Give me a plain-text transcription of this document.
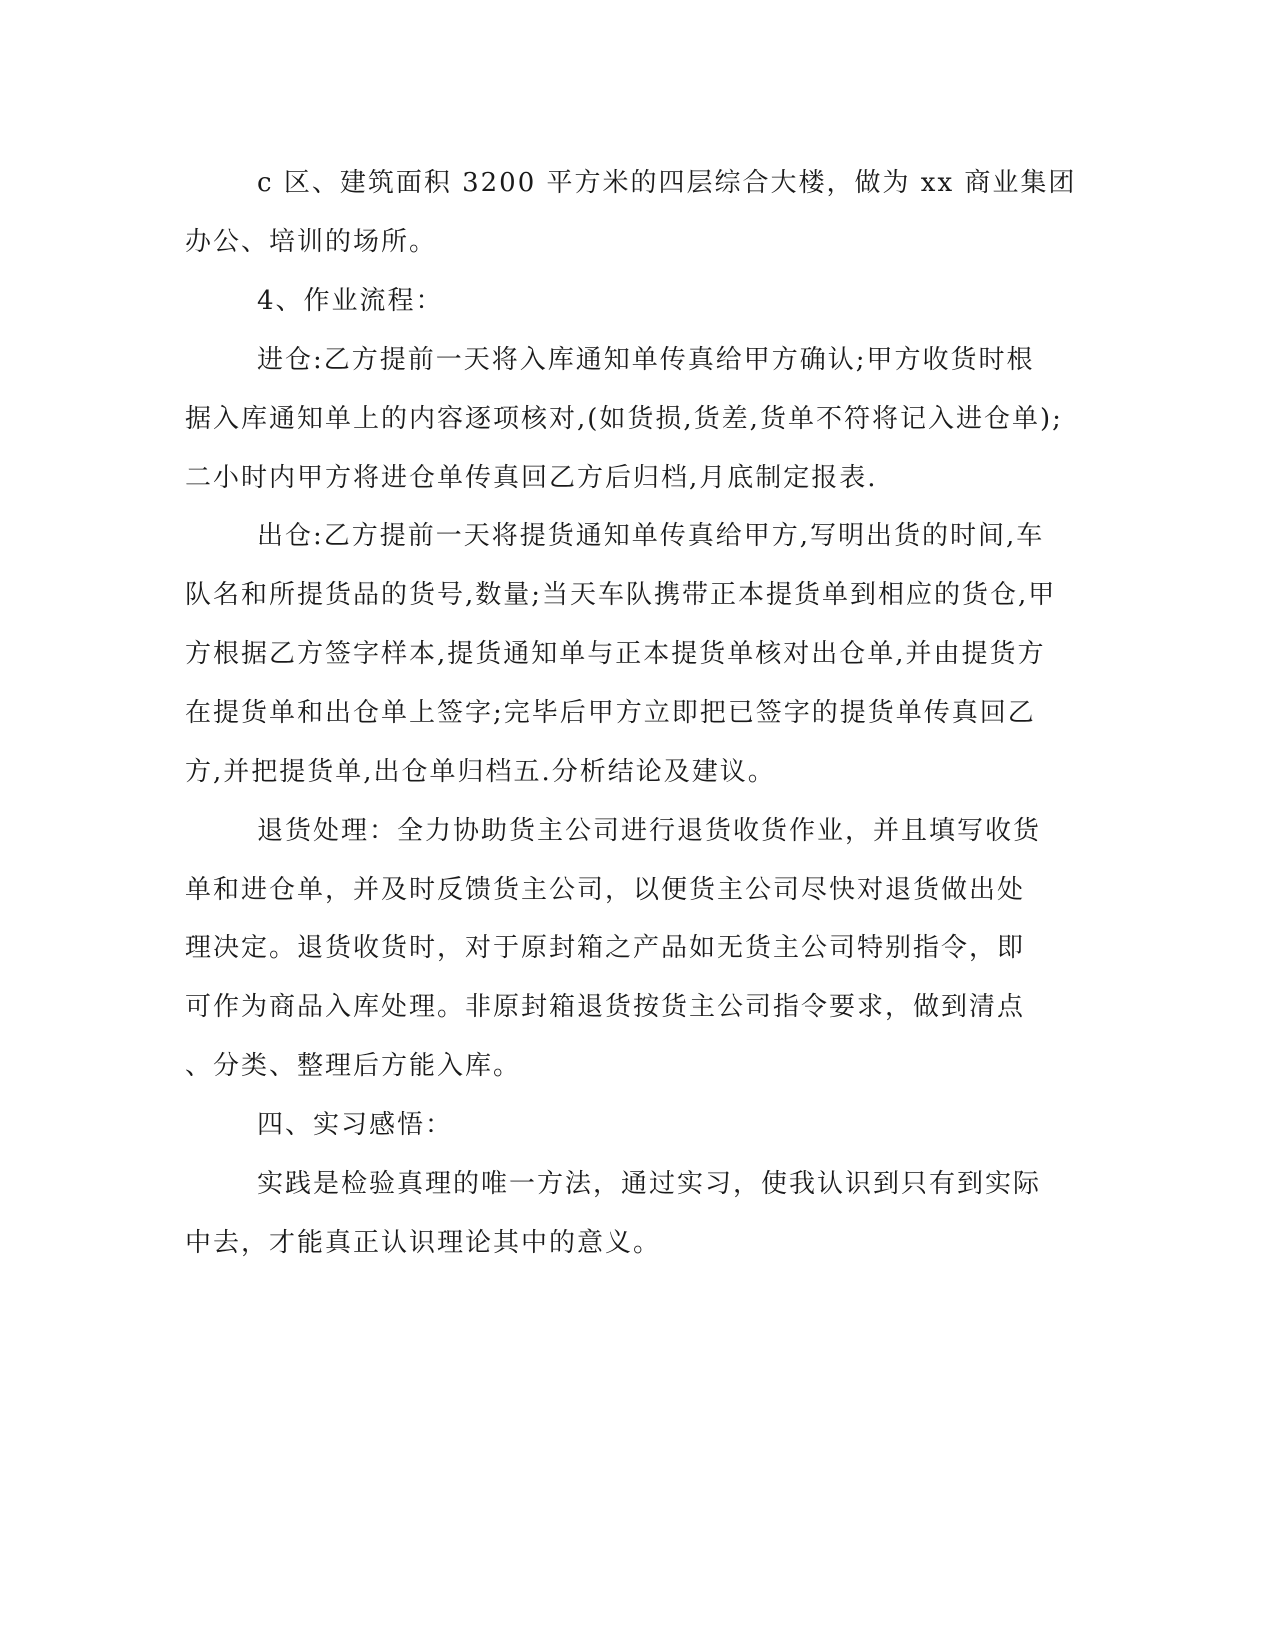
c 区、建筑面积 3200 平方米的四层综合大楼，做为 xx 商业集团
办公、培训的场所。
4、作业流程：
进仓:乙方提前一天将入库通知单传真给甲方确认;甲方收货时根
据入库通知单上的内容逐项核对,(如货损,货差,货单不符将记入进仓单);
二小时内甲方将进仓单传真回乙方后归档,月底制定报表.
出仓:乙方提前一天将提货通知单传真给甲方,写明出货的时间,车
队名和所提货品的货号,数量;当天车队携带正本提货单到相应的货仓,甲
方根据乙方签字样本,提货通知单与正本提货单核对出仓单,并由提货方
在提货单和出仓单上签字;完毕后甲方立即把已签字的提货单传真回乙
方,并把提货单,出仓单归档五.分析结论及建议。
退货处理：全力协助货主公司进行退货收货作业，并且填写收货
单和进仓单，并及时反馈货主公司，以便货主公司尽快对退货做出处
理决定。退货收货时，对于原封箱之产品如无货主公司特别指令，即
可作为商品入库处理。非原封箱退货按货主公司指令要求，做到清点
、分类、整理后方能入库。
四、实习感悟：
实践是检验真理的唯一方法，通过实习，使我认识到只有到实际
中去，才能真正认识理论其中的意义。
